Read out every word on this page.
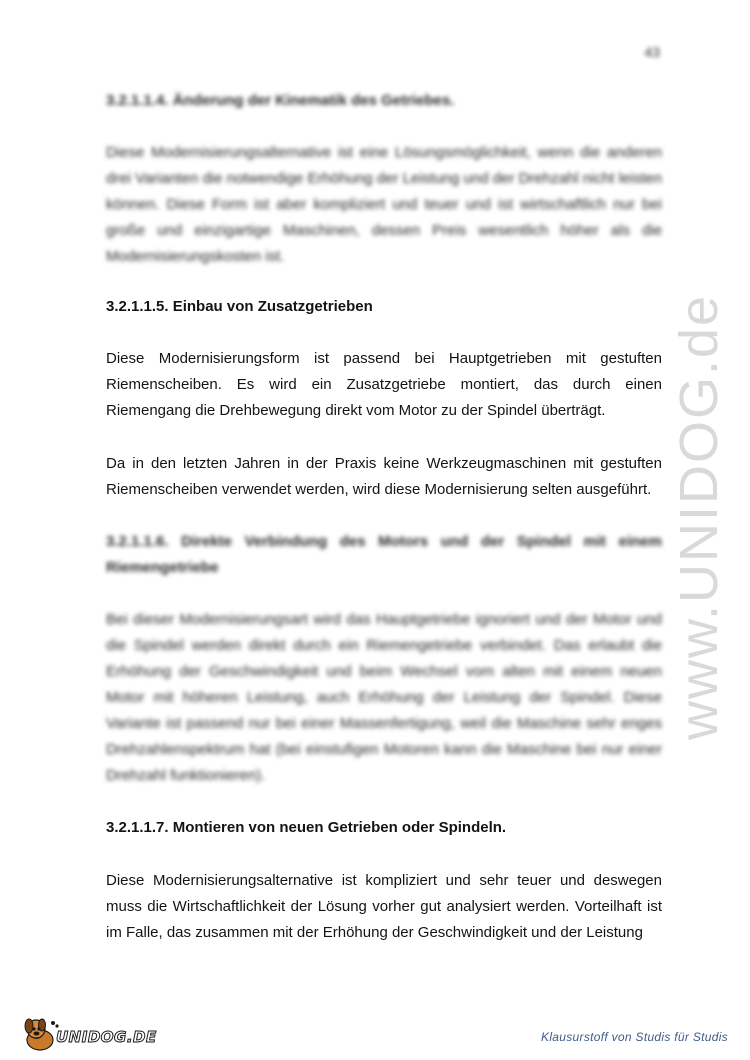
43
3.2.1.1.4. Änderung der Kinematik des Getriebes.

Diese Modernisierungsalternative ist eine Lösungsmöglichkeit, wenn die anderen drei Varianten die notwendige Erhöhung der Leistung und der Drehzahl nicht leisten können. Diese Form ist aber kompliziert und teuer und ist wirtschaftlich nur bei große und einzigartige Maschinen, dessen Preis wesentlich höher als die Modernisierungskosten ist.

3.2.1.1.5. Einbau von Zusatzgetrieben

Diese Modernisierungsform ist passend bei Hauptgetrieben mit gestuften Riemenscheiben. Es wird ein Zusatzgetriebe montiert, das durch einen Riemengang die Drehbewegung direkt vom Motor zu der Spindel überträgt.

Da in den letzten Jahren in der Praxis keine Werkzeugmaschinen mit gestuften Riemenscheiben verwendet werden, wird diese Modernisierung selten ausgeführt.

3.2.1.1.6. Direkte Verbindung des Motors und der Spindel mit einem Riemengetriebe

Bei dieser Modernisierungsart wird das Hauptgetriebe ignoriert und der Motor und die Spindel werden direkt durch ein Riemengetriebe verbindet. Das erlaubt die Erhöhung der Geschwindigkeit und beim Wechsel vom alten mit einem neuen Motor mit höheren Leistung, auch Erhöhung der Leistung der Spindel. Diese Variante ist passend nur bei einer Massenfertigung, weil die Maschine sehr enges Drehzahlenspektrum hat (bei einstufigen Motoren kann die Maschine bei nur einer Drehzahl funktionieren).

3.2.1.1.7. Montieren von neuen Getrieben oder Spindeln.

Diese Modernisierungsalternative ist kompliziert und sehr teuer und deswegen muss die Wirtschaftlichkeit der Lösung vorher gut analysiert werden. Vorteilhaft ist im Falle, das zusammen mit der Erhöhung der Geschwindigkeit und der Leistung

www.UNIDOG.de
UNIDOG.DE	Klausurstoff von Studis für Studis
